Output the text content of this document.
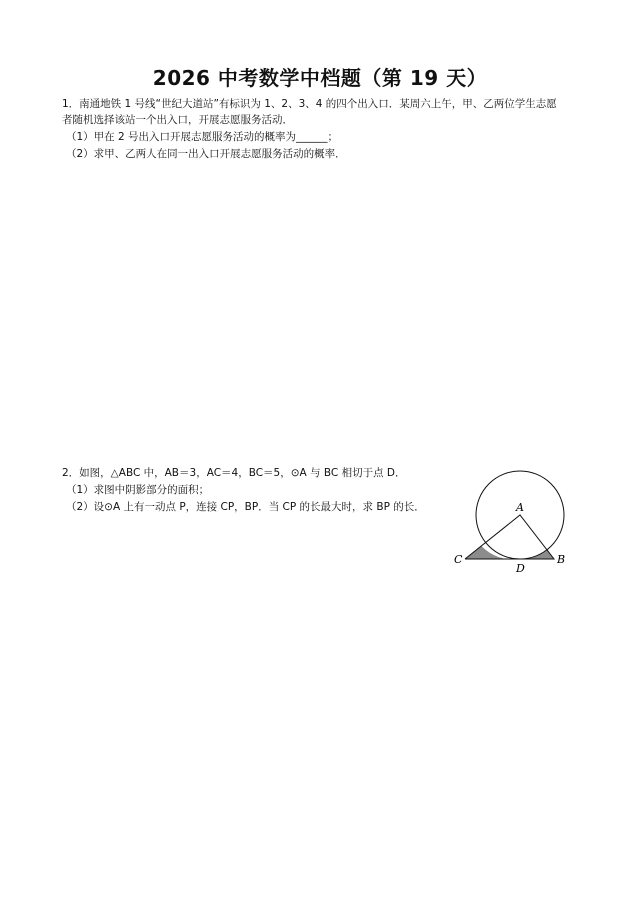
2026 中考数学中档题（第 19 天）
1．南通地铁 1 号线“世纪大道站”有标识为 1、2、3、4 的四个出入口．某周六上午，甲、乙两位学生志愿
者随机选择该站一个出入口，开展志愿服务活动．
（1）甲在 2 号出入口开展志愿服务活动的概率为______；
（2）求甲、乙两人在同一出入口开展志愿服务活动的概率．
2．如图，△ABC 中，AB＝3，AC＝4，BC＝5，⊙A 与 BC 相切于点 D．
（1）求图中阴影部分的面积；
（2）设⊙A 上有一动点 P，连接 CP，BP．当 CP 的长最大时，求 BP 的长．	A
C	B
D
